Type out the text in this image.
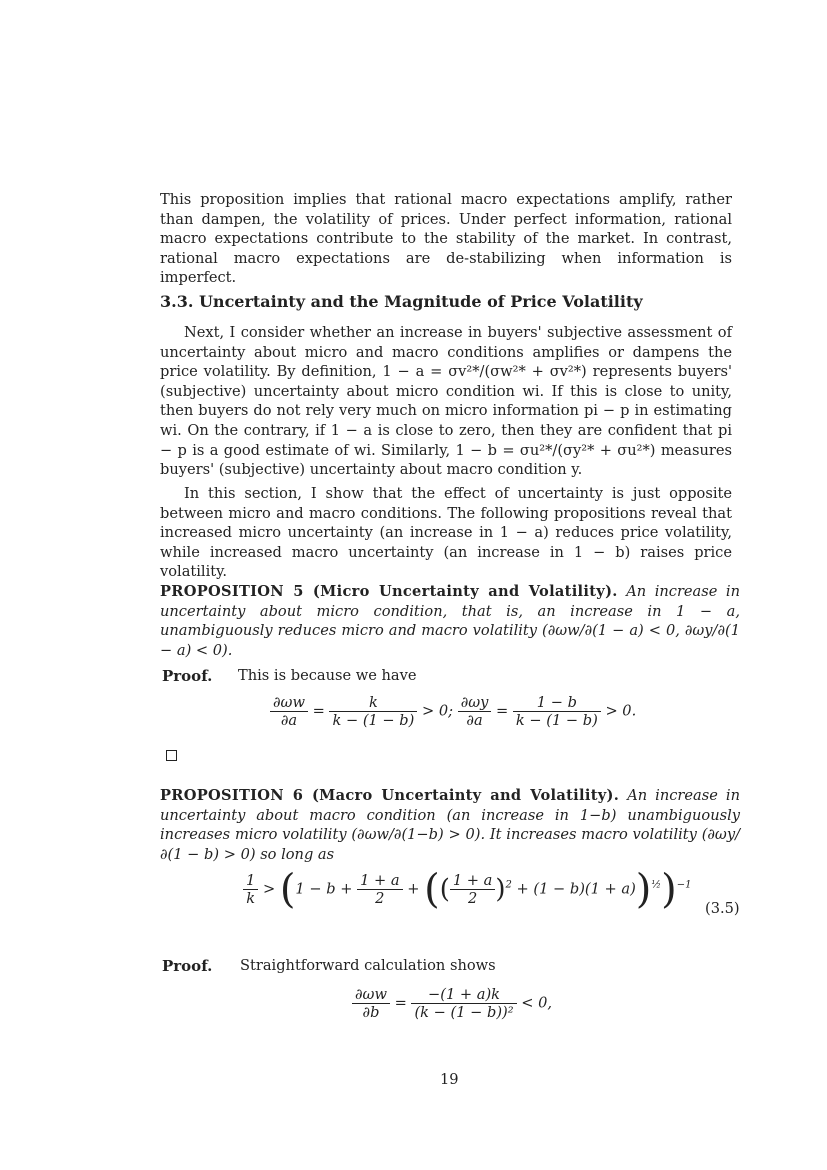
This proposition implies that rational macro expectations amplify, rather than dampen, the volatility of prices. Under perfect information, rational macro expectations contribute to the stability of the market. In contrast, rational macro expectations are de-stabilizing when information is imperfect.

3.3. Uncertainty and the Magnitude of Price Volatility

Next, I consider whether an increase in buyers' subjective assessment of uncertainty about micro and macro conditions amplifies or dampens the price volatility. By definition, 1 − a = σv²*/(σw²* + σv²*) represents buyers' (subjective) uncertainty about micro condition wi. If this is close to unity, then buyers do not rely very much on micro information pi − p in estimating wi. On the contrary, if 1 − a is close to zero, then they are confident that pi − p is a good estimate of wi. Similarly, 1 − b = σu²*/(σy²* + σu²*) measures buyers' (subjective) uncertainty about macro condition y.

In this section, I show that the effect of uncertainty is just opposite between micro and macro conditions. The following propositions reveal that increased micro uncertainty (an increase in 1 − a) reduces price volatility, while increased macro uncertainty (an increase in 1 − b) raises price volatility.

PROPOSITION 5 (Micro Uncertainty and Volatility). An increase in uncertainty about micro condition, that is, an increase in 1 − a, unambiguously reduces micro and macro volatility (∂ωw/∂(1 − a) < 0, ∂ωy/∂(1 − a) < 0).

Proof. This is because we have
$\frac{\partial\omega w}{\partial a} = \frac{k}{k - (1 - b)} > 0$; $\frac{\partial\omega y}{\partial a} = \frac{1 - b}{k - (1 - b)} > 0$.

PROPOSITION 6 (Macro Uncertainty and Volatility). An increase in uncertainty about macro condition (an increase in 1−b) unambiguously increases micro volatility (∂ωw/∂(1−b) > 0). It increases macro volatility (∂ωy/∂(1 − b) > 0) so long as

$\frac{1}{k} > (1 - b + \frac{1 + a}{2}$ + (( $\frac{1 + a}{2} )^2 + (1 - b)(1 + a))^{\frac{1}{2}})^{-1}$
(3.5)
Proof. Straightforward calculation shows
$\frac{\partial\omega w}{\partial b} = \frac{-(1 + a)k}{\text{(k − (1 − b))²}} < 0$,
19
